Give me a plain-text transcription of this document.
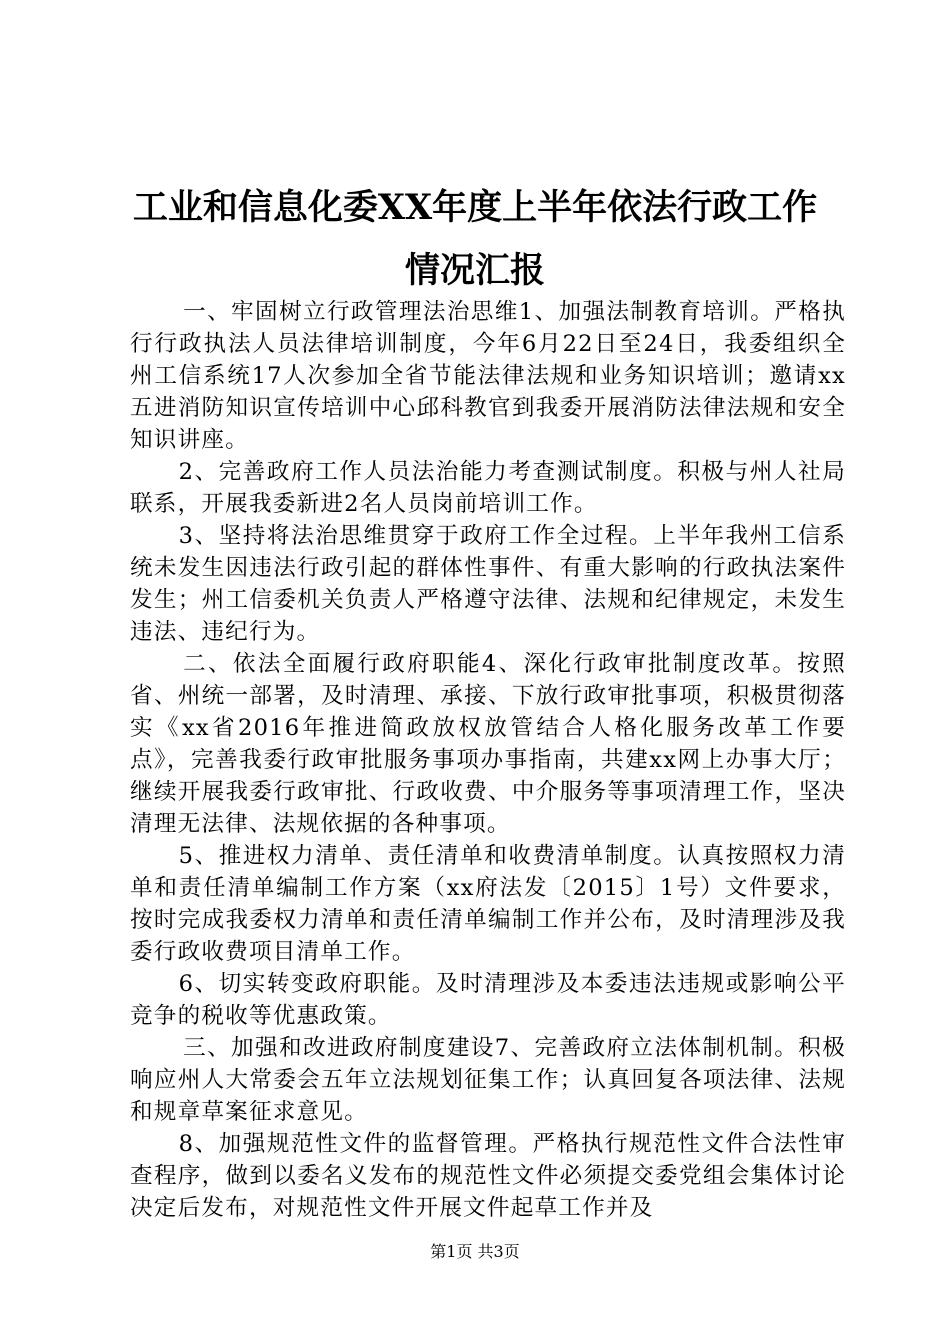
工业和信息化委XX年度上半年依法行政工作
情况汇报

一、牢固树立行政管理法治思维1、加强法制教育培训。严格执行行政执法人员法律培训制度，今年6月22日至24日，我委组织全州工信系统17人次参加全省节能法律法规和业务知识培训；邀请xx五进消防知识宣传培训中心邱科教官到我委开展消防法律法规和安全知识讲座。

2、完善政府工作人员法治能力考查测试制度。积极与州人社局联系，开展我委新进2名人员岗前培训工作。

3、坚持将法治思维贯穿于政府工作全过程。上半年我州工信系统未发生因违法行政引起的群体性事件、有重大影响的行政执法案件发生；州工信委机关负责人严格遵守法律、法规和纪律规定，未发生违法、违纪行为。

二、依法全面履行政府职能4、深化行政审批制度改革。按照省、州统一部署，及时清理、承接、下放行政审批事项，积极贯彻落实《xx省2016年推进简政放权放管结合人格化服务改革工作要点》，完善我委行政审批服务事项办事指南，共建xx网上办事大厅；继续开展我委行政审批、行政收费、中介服务等事项清理工作，坚决清理无法律、法规依据的各种事项。

5、推进权力清单、责任清单和收费清单制度。认真按照权力清单和责任清单编制工作方案（xx府法发〔2015〕1号）文件要求，按时完成我委权力清单和责任清单编制工作并公布，及时清理涉及我委行政收费项目清单工作。

6、切实转变政府职能。及时清理涉及本委违法违规或影响公平竞争的税收等优惠政策。

三、加强和改进政府制度建设7、完善政府立法体制机制。积极响应州人大常委会五年立法规划征集工作；认真回复各项法律、法规和规章草案征求意见。

8、加强规范性文件的监督管理。严格执行规范性文件合法性审查程序，做到以委名义发布的规范性文件必须提交委党组会集体讨论决定后发布，对规范性文件开展文件起草工作并及

第1页 共3页
